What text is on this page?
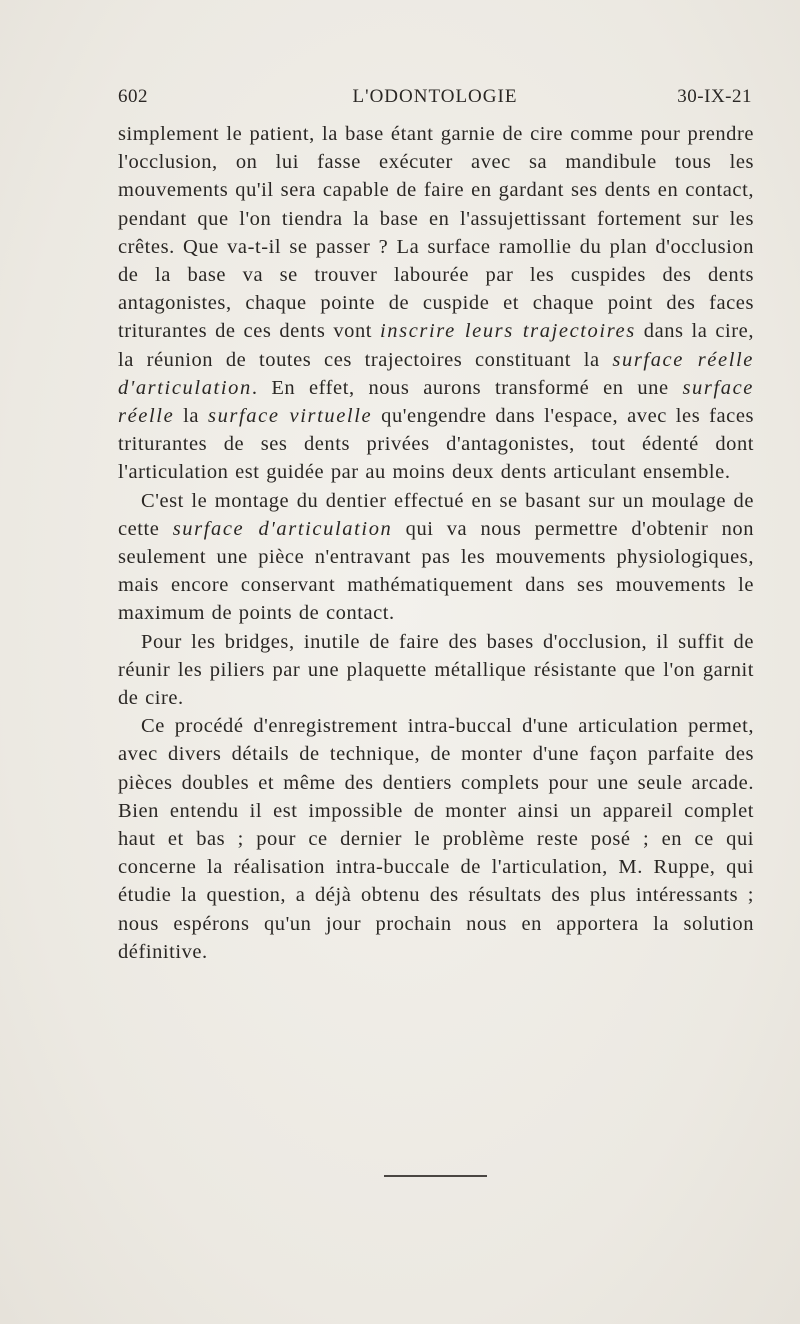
602	L'ODONTOLOGIE	30-IX-21

simplement le patient, la base étant garnie de cire comme pour prendre l'occlusion, on lui fasse exécuter avec sa mandibule tous les mouvements qu'il sera capable de faire en gardant ses dents en contact, pendant que l'on tiendra la base en l'assujettissant fortement sur les crêtes. Que va-t-il se passer ? La surface ramollie du plan d'occlusion de la base va se trouver labourée par les cuspides des dents antagonistes, chaque pointe de cuspide et chaque point des faces triturantes de ces dents vont inscrire leurs trajectoires dans la cire, la réunion de toutes ces trajectoires constituant la surface réelle d'articulation. En effet, nous aurons transformé en une surface réelle la surface virtuelle qu'engendre dans l'espace, avec les faces triturantes de ses dents privées d'antagonistes, tout édenté dont l'articulation est guidée par au moins deux dents articulant ensemble.

C'est le montage du dentier effectué en se basant sur un moulage de cette surface d'articulation qui va nous permettre d'obtenir non seulement une pièce n'entravant pas les mouvements physiologiques, mais encore conservant mathématiquement dans ses mouvements le maximum de points de contact.

Pour les bridges, inutile de faire des bases d'occlusion, il suffit de réunir les piliers par une plaquette métallique résistante que l'on garnit de cire.

Ce procédé d'enregistrement intra-buccal d'une articulation permet, avec divers détails de technique, de monter d'une façon parfaite des pièces doubles et même des dentiers complets pour une seule arcade. Bien entendu il est impossible de monter ainsi un appareil complet haut et bas ; pour ce dernier le problème reste posé ; en ce qui concerne la réalisation intra-buccale de l'articulation, M. Ruppe, qui étudie la question, a déjà obtenu des résultats des plus intéressants ; nous espérons qu'un jour prochain nous en apportera la solution définitive.
